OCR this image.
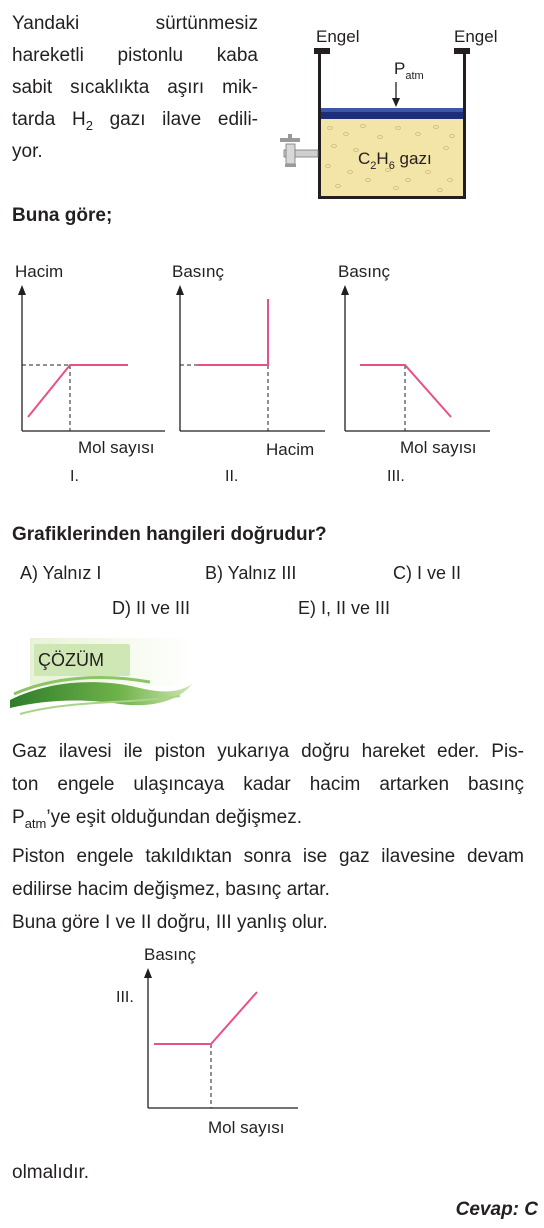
Yandaki sürtünmesiz
hareketli pistonlu kaba
sabit sıcaklıkta aşırı mik-
tarda $H_2$ gazı ilave edili-
yor.
Engel	Engel
$P_{atm}$
$C_2H_6$ gazı
Buna göre;
Hacim
Mol sayısı
I.
Basınç
Hacim
II.
Basınç
Mol sayısı
III.
Grafiklerinden hangileri doğrudur?
A) Yalnız I	B) Yalnız III	C) I ve II
D) II ve III	E) I, II ve III
ÇÖZÜM

Gaz ilavesi ile piston yukarıya doğru hareket eder. Pis-

ton engele ulaşıncaya kadar hacim artarken basınç

$P_{atm}’ye$ eşit olduğundan değişmez.

Piston engele takıldıktan sonra ise gaz ilavesine devam

edilirse hacim değişmez, basınç artar.

Buna göre I ve II doğru, III yanlış olur.

Basınç
III.
Mol sayısı
olmalıdır.
Cevap: C
